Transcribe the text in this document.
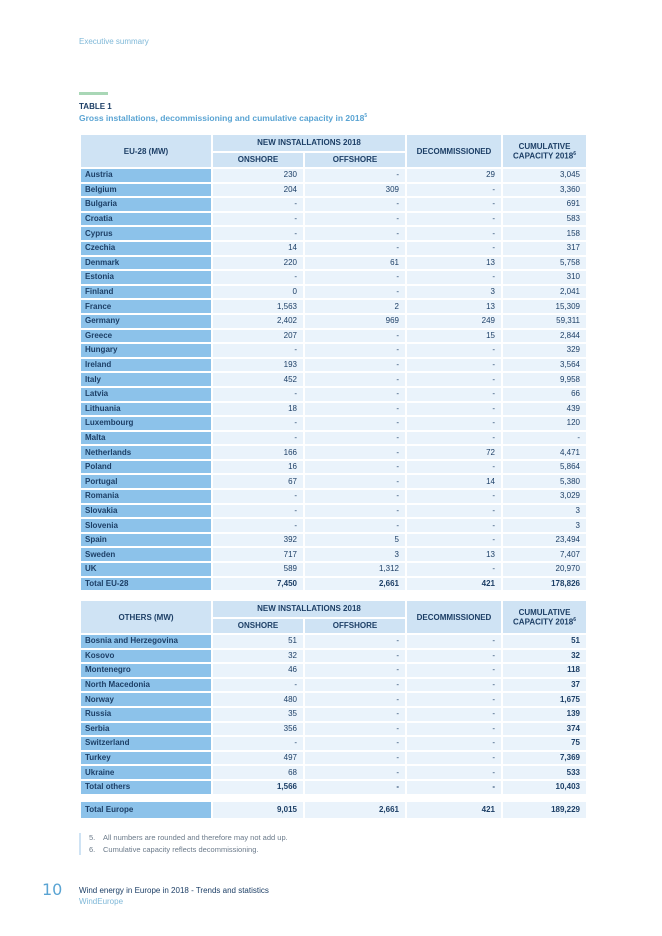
Executive summary
TABLE 1
Gross installations, decommissioning and cumulative capacity in 2018$^5$
EU-28 (MW)	NEW INSTALLATIONS 2018		DECOMMISSIONED	CUMULATIVE CAPACITY 2018$^6$
	ONSHORE	OFFSHORE		
Austria	230	-	29	3,045
Belgium	204	309	-	3,360
Bulgaria	-	-	-	691
Croatia	-	-	-	583
Cyprus	-	-	-	158
Czechia	14	-	-	317
Denmark	220	61	13	5,758
Estonia	-	-	-	310
Finland	0	-	3	2,041
France	1,563	2	13	15,309
Germany	2,402	969	249	59,311
Greece	207	-	15	2,844
Hungary	-	-	-	329
Ireland	193	-	-	3,564
Italy	452	-	-	9,958
Latvia	-	-	-	66
Lithuania	18	-	-	439
Luxembourg	-	-	-	120
Malta	-	-	-	-
Netherlands	166	-	72	4,471
Poland	16	-	-	5,864
Portugal	67	-	14	5,380
Romania	-	-	-	3,029
Slovakia	-	-	-	3
Slovenia	-	-	-	3
Spain	392	5	-	23,494
Sweden	717	3	13	7,407
UK	589	1,312	-	20,970
Total EU-28	7,450	2,661	421	178,826
OTHERS (MW)	NEW INSTALLATIONS 2018		DECOMMISSIONED	CUMULATIVE CAPACITY 2018$^6$
	ONSHORE	OFFSHORE		
Bosnia and Herzegovina	51	-	-	51
Kosovo	32	-	-	32
Montenegro	46	-	-	118
North Macedonia	-	-	-	37
Norway	480	-	-	1,675
Russia	35	-	-	139
Serbia	356	-	-	374
Switzerland	-	-	-	75
Turkey	497	-	-	7,369
Ukraine	68	-	-	533
Total others	1,566	-	-	10,403
Total Europe	9,015	2,661	421	189,229
5. All numbers are rounded and therefore may not add up.
6. Cumulative capacity reflects decommissioning.
10 Wind energy in Europe in 2018 - Trends and statistics
WindEurope
